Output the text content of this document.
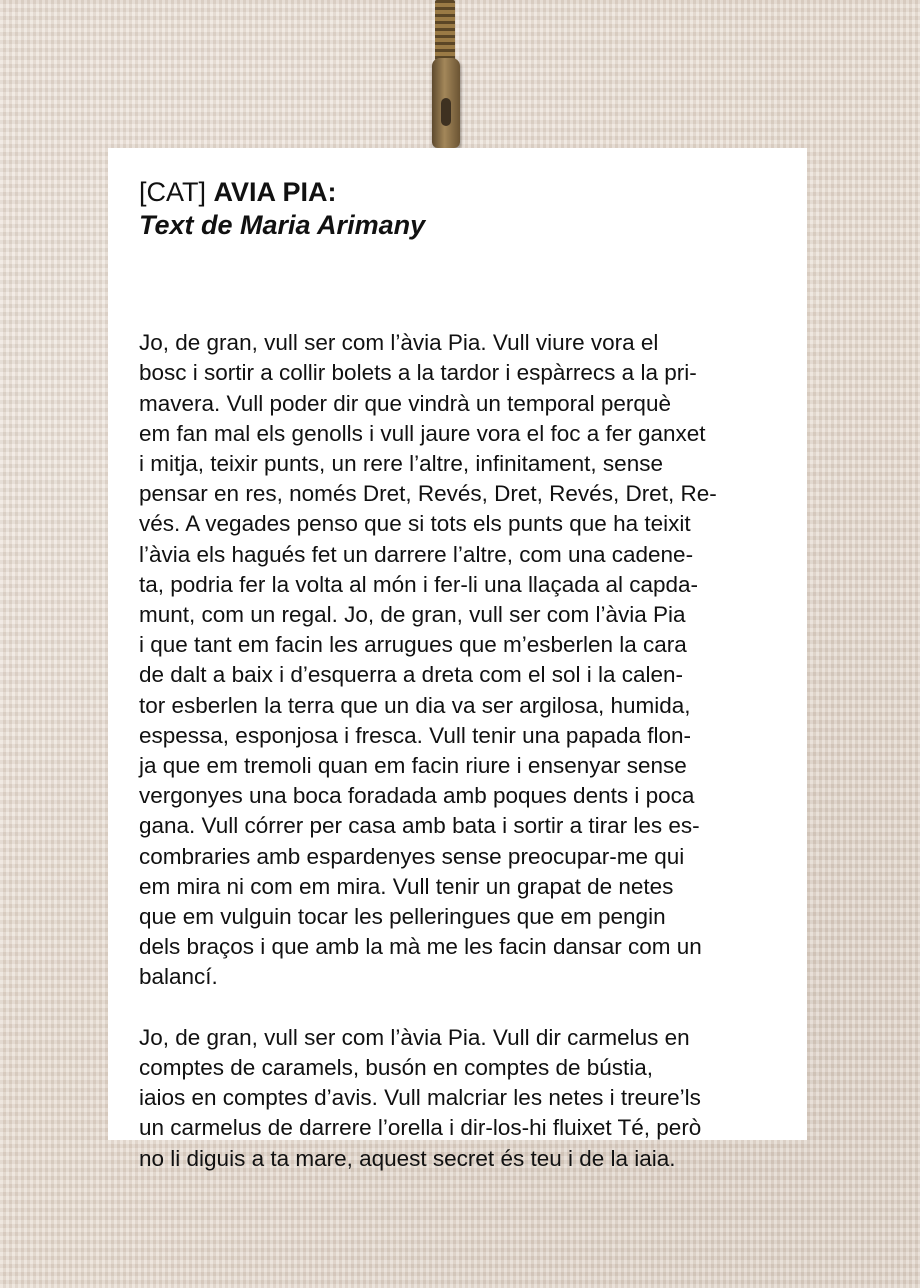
[CAT] AVIA PIA:
Text de Maria Arimany

Jo, de gran, vull ser com l’àvia Pia. Vull viure vora el
bosc i sortir a collir bolets a la tardor i espàrrecs a la pri-
mavera. Vull poder dir que vindrà un temporal perquè
em fan mal els genolls i vull jaure vora el foc a fer ganxet
i mitja, teixir punts, un rere l’altre, infinitament, sense
pensar en res, només Dret, Revés, Dret, Revés, Dret, Re-
vés. A vegades penso que si tots els punts que ha teixit
l’àvia els hagués fet un darrere l’altre, com una cadene-
ta, podria fer la volta al món i fer-li una llaçada al capda-
munt, com un regal. Jo, de gran, vull ser com l’àvia Pia
i que tant em facin les arrugues que m’esberlen la cara
de dalt a baix i d’esquerra a dreta com el sol i la calen-
tor esberlen la terra que un dia va ser argilosa, humida,
espessa, esponjosa i fresca. Vull tenir una papada flon-
ja que em tremoli quan em facin riure i ensenyar sense
vergonyes una boca foradada amb poques dents i poca
gana. Vull córrer per casa amb bata i sortir a tirar les es-
combraries amb espardenyes sense preocupar-me qui
em mira ni com em mira. Vull tenir un grapat de netes
que em vulguin tocar les pelleringues que em pengin
dels braços i que amb la mà me les facin dansar com un
balancí.

Jo, de gran, vull ser com l’àvia Pia. Vull dir carmelus en
comptes de caramels, busón en comptes de bústia,
iaios en comptes d’avis. Vull malcriar les netes i treure’ls
un carmelus de darrere l’orella i dir-los-hi fluixet Té, però
no li diguis a ta mare, aquest secret és teu i de la iaia.
